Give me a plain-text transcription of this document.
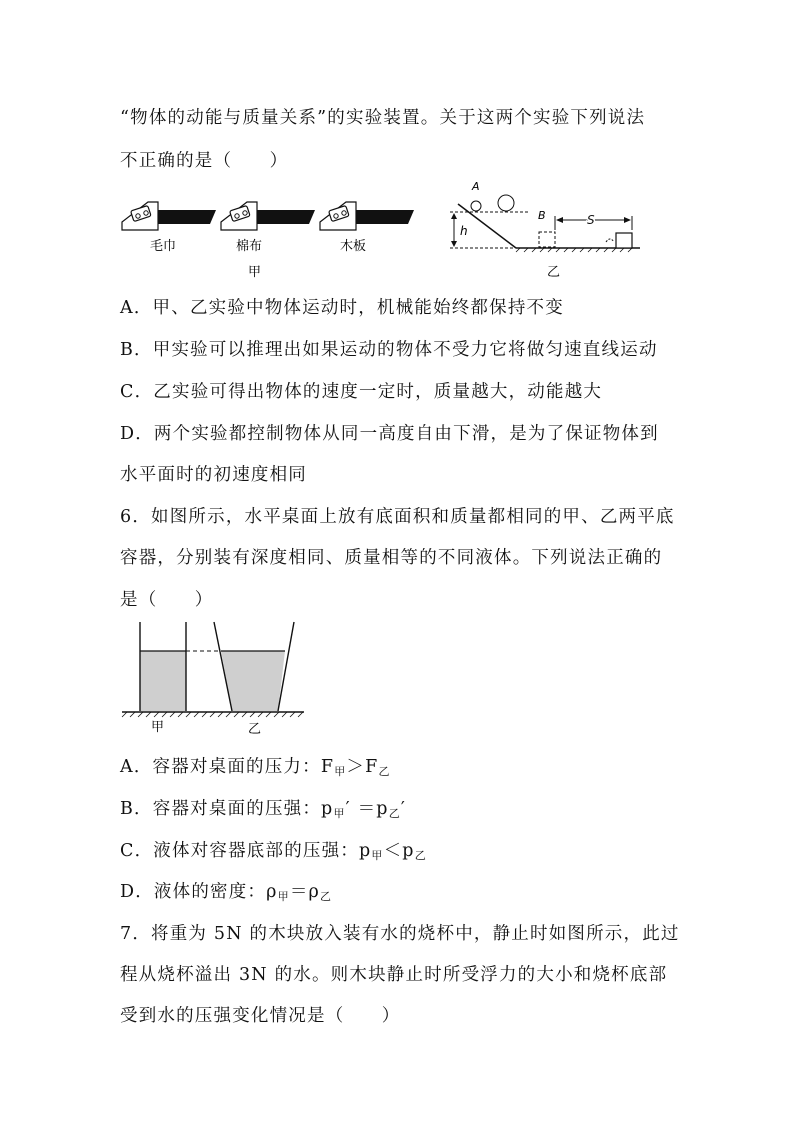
“物体的动能与质量关系”的实验装置。关于这两个实验下列说法
不正确的是（　　）
毛巾	棉布	木板
甲
A
h
B	S
乙
A．甲、乙实验中物体运动时，机械能始终都保持不变
B．甲实验可以推理出如果运动的物体不受力它将做匀速直线运动
C．乙实验可得出物体的速度一定时，质量越大，动能越大
D．两个实验都控制物体从同一高度自由下滑，是为了保证物体到
水平面时的初速度相同
6．如图所示，水平桌面上放有底面积和质量都相同的甲、乙两平底
容器，分别装有深度相同、质量相等的不同液体。下列说法正确的
是（　　）
甲	乙
A．容器对桌面的压力：$F_甲>F_乙$
B．容器对桌面的压强：$p_甲' =p_乙'$
C．液体对容器底部的压强：$p_甲<p_乙$
D．液体的密度：$\rho_甲=\rho_乙$
7．将重为 5N 的木块放入装有水的烧杯中，静止时如图所示，此过
程从烧杯溢出 3N 的水。则木块静止时所受浮力的大小和烧杯底部
受到水的压强变化情况是（　　）
